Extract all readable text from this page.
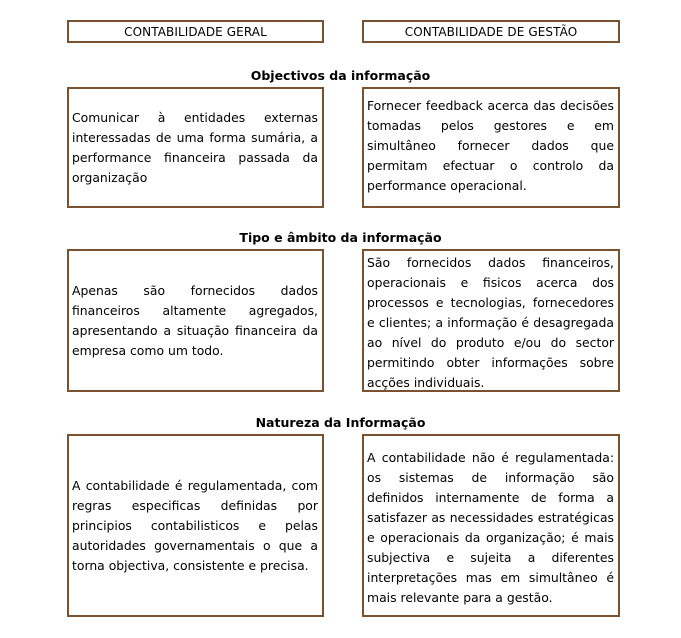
CONTABILIDADE GERAL	CONTABILIDADE DE GESTÃO
Objectivos da informação

Comunicar à entidades externas interessadas de uma forma sumária, a performance financeira passada da organização

Fornecer feedback acerca das decisões tomadas pelos gestores e em simultâneo fornecer dados que permitam efectuar o controlo da performance operacional.

Tipo e âmbito da informação

Apenas são fornecidos dados financeiros altamente agregados, apresentando a situação financeira da empresa como um todo.

São fornecidos dados financeiros, operacionais e fisicos acerca dos processos e tecnologias, fornecedores e clientes; a informação é desagregada ao nível do produto e/ou do sector permitindo obter informações sobre acções individuais.

Natureza da Informação

A contabilidade é regulamentada, com regras especificas definidas por principios contabilisticos e pelas autoridades governamentais o que a torna objectiva, consistente e precisa.

A contabilidade não é regulamentada: os sistemas de informação são definidos internamente de forma a satisfazer as necessidades estratégicas e operacionais da organização; é mais subjectiva e sujeita a diferentes interpretações mas em simultâneo é mais relevante para a gestão.
